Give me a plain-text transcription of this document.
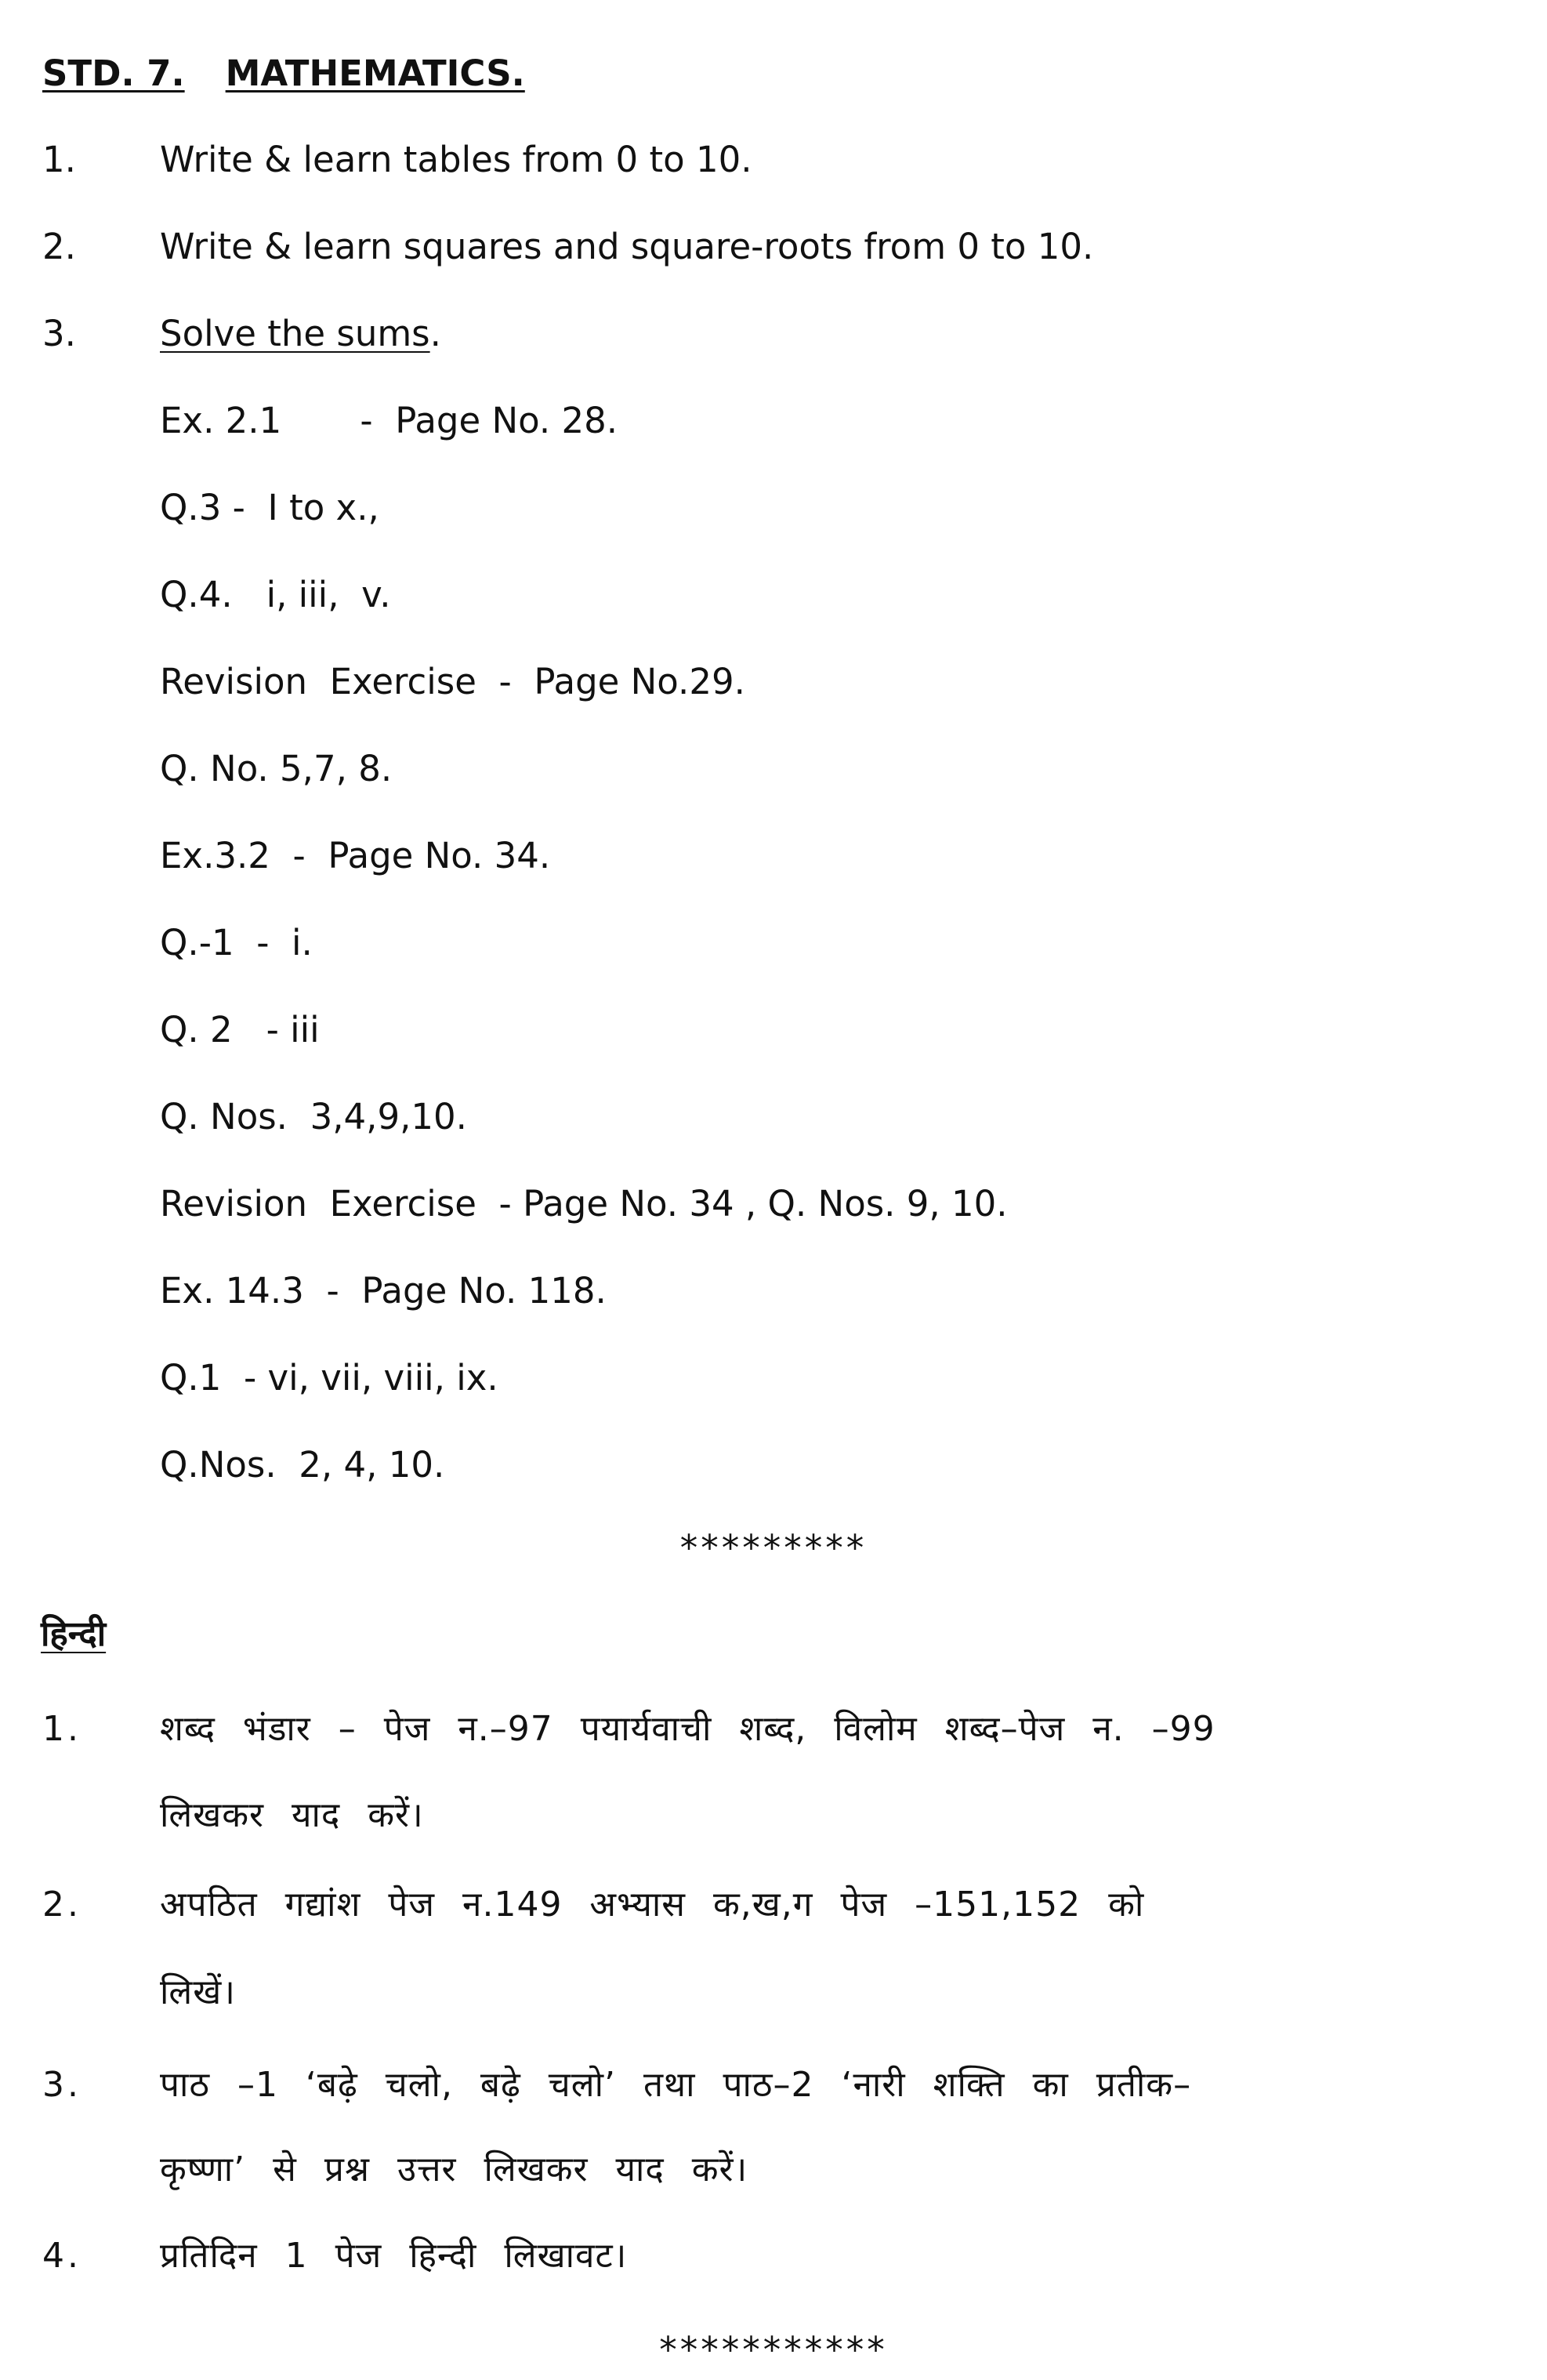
STD. 7. MATHEMATICS.
1. Write & learn tables from 0 to 10.
2. Write & learn squares and square-roots from 0 to 10.
3. Solve the sums.
Ex. 2.1       -  Page No. 28.
Q.3 -  I to x.,
Q.4.   i, iii,  v.
Revision  Exercise  -  Page No.29.
Q. No. 5,7, 8.
Ex.3.2  -  Page No. 34.
Q.-1  -  i.
Q. 2   - iii
Q. Nos.  3,4,9,10.
Revision  Exercise  - Page No. 34 , Q. Nos. 9, 10.
Ex. 14.3  -  Page No. 118.
Q.1  - vi, vii, viii, ix.
Q.Nos.  2, 4, 10.
*********
हिन्दी
1. शब्द भंडार – पेज न.–97 पयार्यवाची शब्द, विलोम शब्द–पेज न. –99
लिखकर याद करें।
2. अपठित गद्यांश पेज न.149 अभ्यास क,ख,ग पेज –151,152 को
लिखें।
3. पाठ –1 ‘बढ़े चलो, बढ़े चलो’ तथा पाठ–2 ‘नारी शक्ति का प्रतीक–
कृष्णा’ से प्रश्न उत्तर लिखकर याद करें।
4. प्रतिदिन 1 पेज हिन्दी लिखावट।
***********
